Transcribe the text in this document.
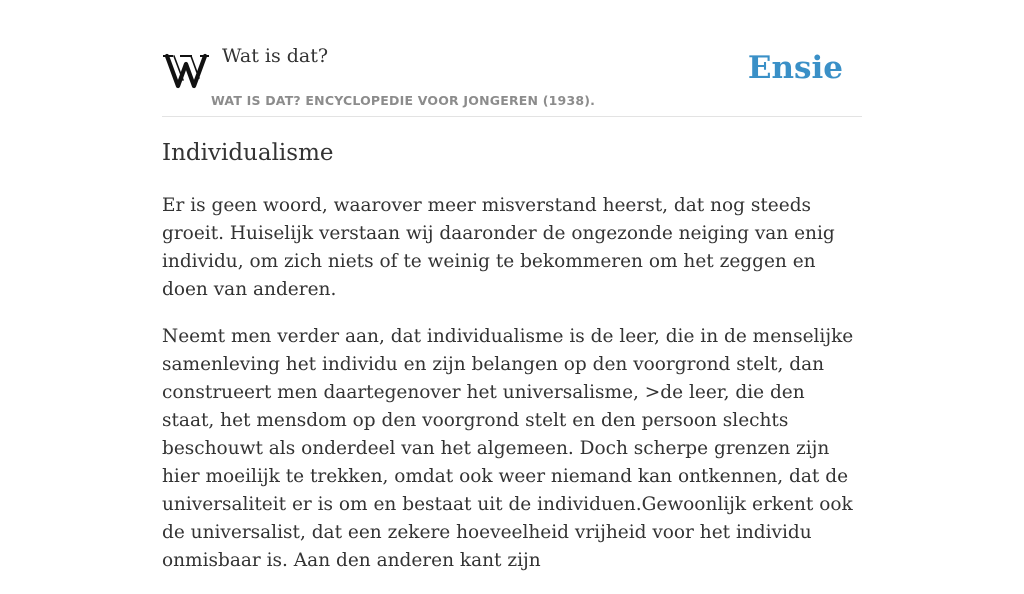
Wat is dat?
WAT IS DAT? ENCYCLOPEDIE VOOR JONGEREN (1938).
Ensie
Individualisme

Er is geen woord, waarover meer misverstand heerst, dat nog steeds groeit. Huiselijk verstaan wij daaronder de ongezonde neiging van enig individu, om zich niets of te weinig te bekommeren om het zeggen en doen van anderen.

Neemt men verder aan, dat individualisme is de leer, die in de menselijke samenleving het individu en zijn belangen op den voorgrond stelt, dan construeert men daartegenover het universalisme, >de leer, die den staat, het mensdom op den voorgrond stelt en den persoon slechts beschouwt als onderdeel van het algemeen. Doch scherpe grenzen zijn hier moeilijk te trekken, omdat ook weer niemand kan ontkennen, dat de universaliteit er is om en bestaat uit de individuen.Gewoonlijk erkent ook de universalist, dat een zekere hoeveelheid vrijheid voor het individu onmisbaar is. Aan den anderen kant zijn
